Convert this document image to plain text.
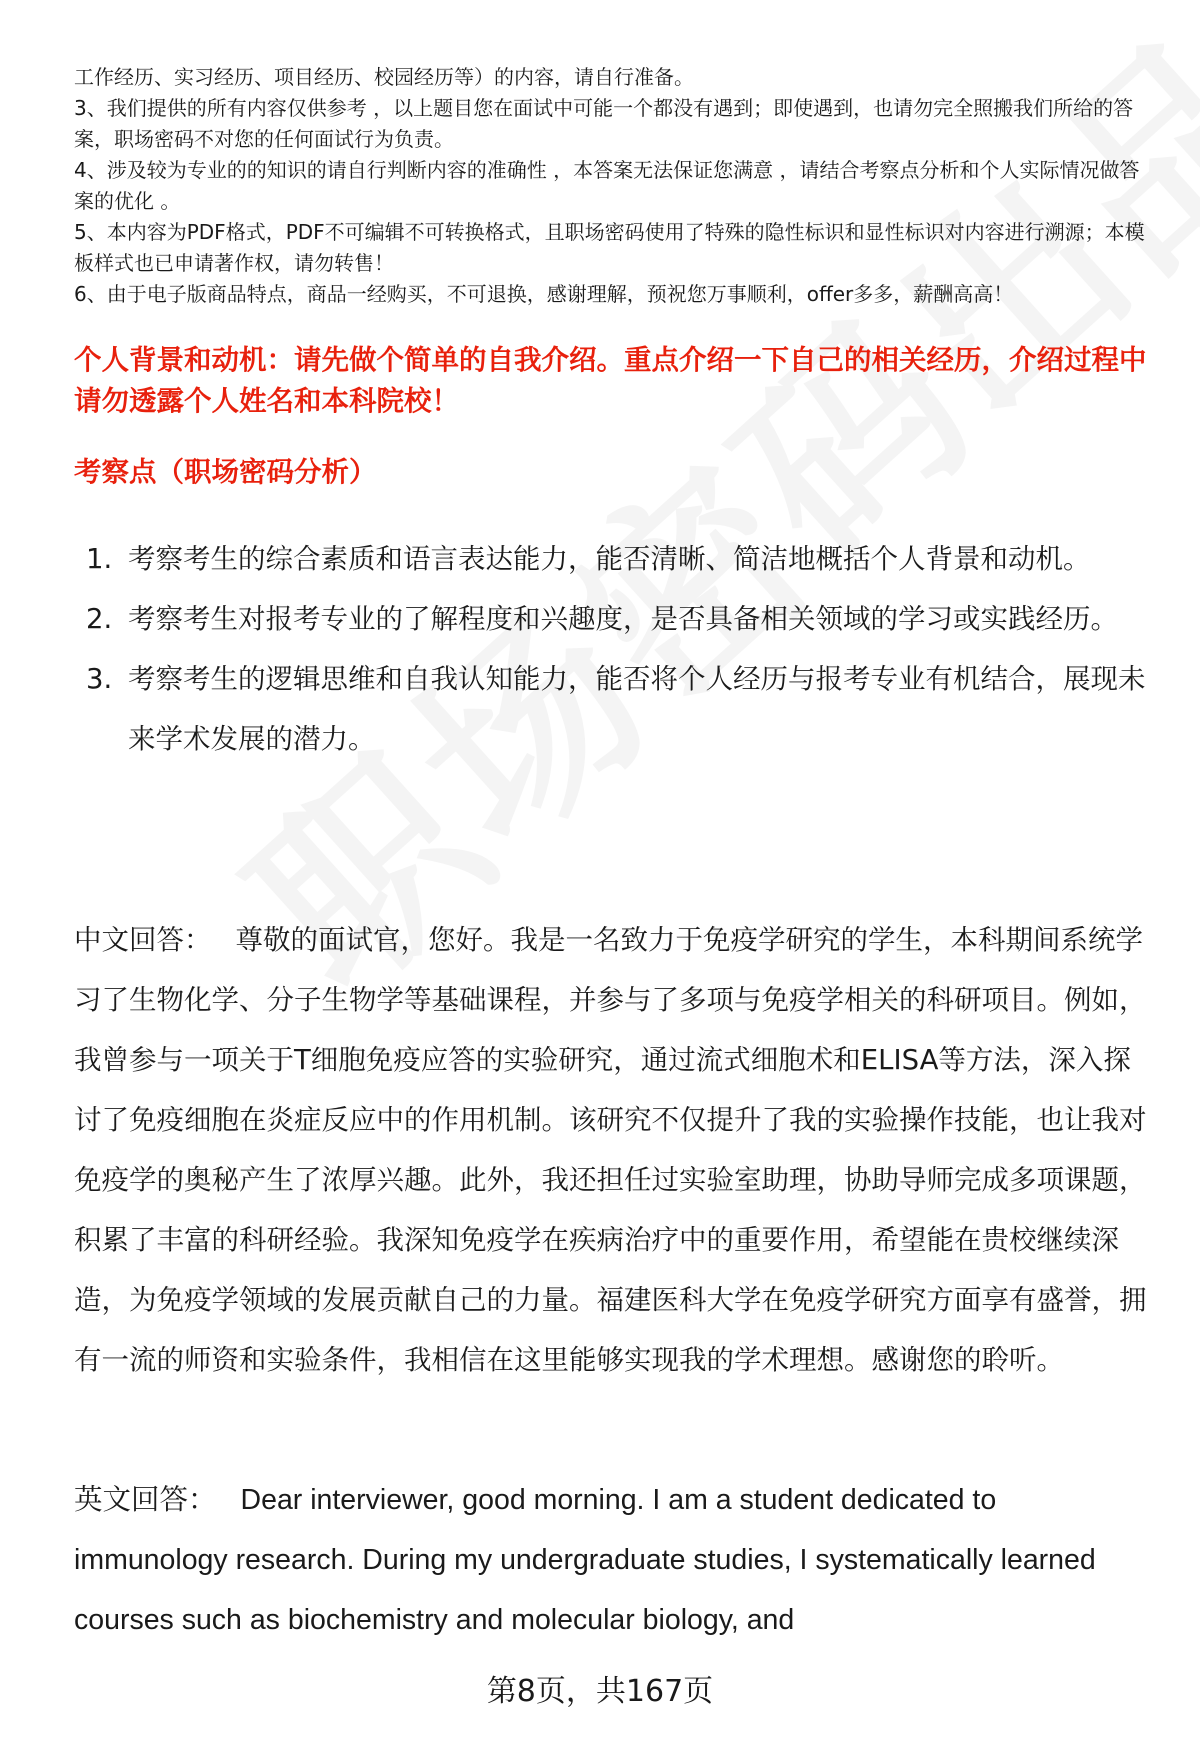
工作经历、实习经历、项目经历、校园经历等）的内容，请自行准备。

3、我们提供的所有内容仅供参考 ，以上题目您在面试中可能一个都没有遇到；即使遇到，也请勿完全照搬我们所给的答案，职场密码不对您的任何面试行为负责。

4、涉及较为专业的的知识的请自行判断内容的准确性 ，本答案无法保证您满意 ，请结合考察点分析和个人实际情况做答案的优化 。

5、本内容为PDF格式，PDF不可编辑不可转换格式，且职场密码使用了特殊的隐性标识和显性标识对内容进行溯源；本模板样式也已申请著作权，请勿转售！

6、由于电子版商品特点，商品一经购买，不可退换，感谢理解，预祝您万事顺利，offer多多，薪酬高高！

个人背景和动机：请先做个简单的自我介绍。重点介绍一下自己的相关经历，介绍过程中请勿透露个人姓名和本科院校！
考察点（职场密码分析）
1. 考察考生的综合素质和语言表达能力，能否清晰、简洁地概括个人背景和动机。
2. 考察考生对报考专业的了解程度和兴趣度，是否具备相关领域的学习或实践经历。
3. 考察考生的逻辑思维和自我认知能力，能否将个人经历与报考专业有机结合，展现未来学术发展的潜力。

中文回答： 尊敬的面试官，您好。我是一名致力于免疫学研究的学生，本科期间系统学习了生物化学、分子生物学等基础课程，并参与了多项与免疫学相关的科研项目。例如，我曾参与一项关于T细胞免疫应答的实验研究，通过流式细胞术和ELISA等方法，深入探讨了免疫细胞在炎症反应中的作用机制。该研究不仅提升了我的实验操作技能，也让我对免疫学的奥秘产生了浓厚兴趣。此外，我还担任过实验室助理，协助导师完成多项课题，积累了丰富的科研经验。我深知免疫学在疾病治疗中的重要作用，希望能在贵校继续深造，为免疫学领域的发展贡献自己的力量。福建医科大学在免疫学研究方面享有盛誉，拥有一流的师资和实验条件，我相信在这里能够实现我的学术理想。感谢您的聆听。

英文回答： Dear interviewer, good morning. I am a student dedicated to immunology research. During my undergraduate studies, I systematically learned courses such as biochemistry and molecular biology, and

第8页，共167页
